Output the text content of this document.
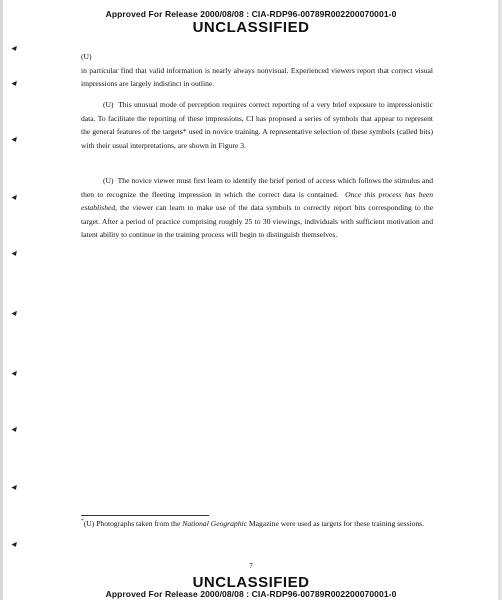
Approved For Release 2000/08/08 : CIA-RDP96-00789R002200070001-0
UNCLASSIFIED
(U)
in particular find that valid information is nearly always nonvisual. Experienced viewers report that correct visual impressions are largely indistinct in outline.
(U) This unusual mode of perception requires correct reporting of a very brief exposure to impressionistic data. To facilitate the reporting of these impressions, CI has proposed a series of symbols that appear to represent the general features of the targets* used in novice training. A representative selection of these symbols (called bits) with their usual interpretations, are shown in Figure 3.
(U) The novice viewer must first learn to identify the brief period of access which follows the stimulus and then to recognize the fleeting impression in which the correct data is contained. Once this process has been established, the viewer can learn to make use of the data symbols to correctly report bits corresponding to the target. After a period of practice comprising roughly 25 to 30 viewings, individuals with sufficient motivation and latent ability to continue in the training process will begin to distinguish themselves.
*(U) Photographs taken from the National Geographic Magazine were used as targets for these training sessions.
7
UNCLASSIFIED
Approved For Release 2000/08/08 : CIA-RDP96-00789R002200070001-0
